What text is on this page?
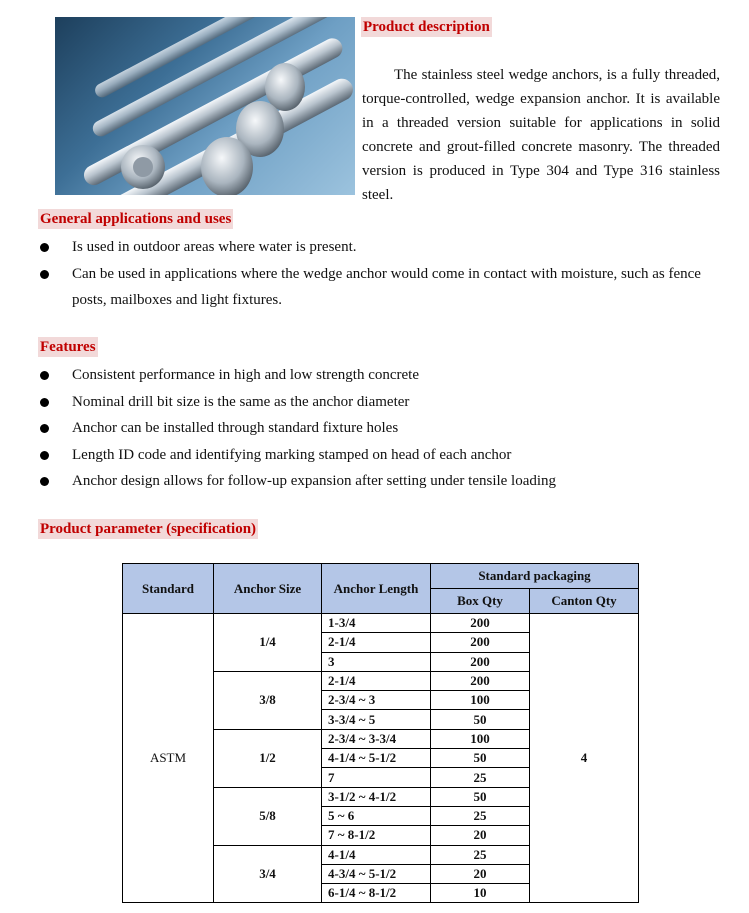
Product description

The stainless steel wedge anchors, is a fully threaded, torque-controlled, wedge expansion anchor. It is available in a threaded version suitable for applications in solid concrete and grout-filled concrete masonry. The threaded version is produced in Type 304 and Type 316 stainless steel.

General applications and uses
Is used in outdoor areas where water is present.
Can be used in applications where the wedge anchor would come in contact with moisture, such as fence posts, mailboxes and light fixtures.
Features
Consistent performance in high and low strength concrete
Nominal drill bit size is the same as the anchor diameter
Anchor can be installed through standard fixture holes
Length ID code and identifying marking stamped on head of each anchor
Anchor design allows for follow-up expansion after setting under tensile loading
Product parameter (specification)
Standard	Anchor Size	Anchor Length	Standard packaging	
			Box Qty	Canton Qty
ASTM	1/4	1-3/4	200	4
		2-1/4	200	
		3	200	
	3/8	2-1/4	200	
		2-3/4 ~ 3	100	
		3-3/4 ~ 5	50	
	1/2	2-3/4 ~ 3-3/4	100	
		4-1/4 ~ 5-1/2	50	
		7	25	
	5/8	3-1/2 ~ 4-1/2	50	
		5 ~ 6	25	
		7 ~ 8-1/2	20	
	3/4	4-1/4	25	
		4-3/4 ~ 5-1/2	20	
		6-1/4 ~ 8-1/2	10	
